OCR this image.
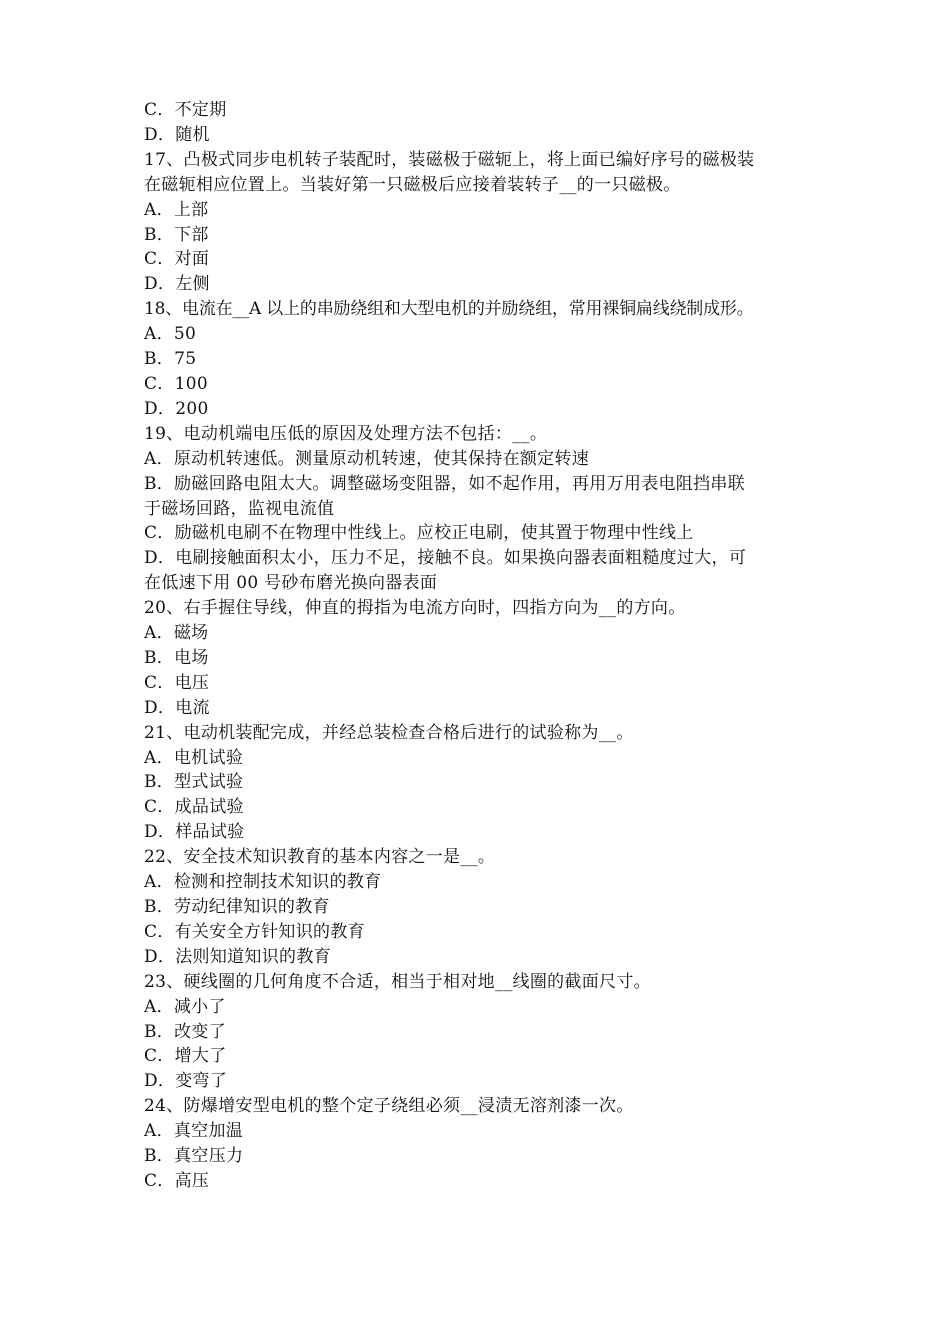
C．不定期

D．随机

17、凸极式同步电机转子装配时，装磁极于磁轭上，将上面已编好序号的磁极装

在磁轭相应位置上。当装好第一只磁极后应接着装转子__的一只磁极。

A．上部

B．下部

C．对面

D．左侧

18、电流在__A 以上的串励绕组和大型电机的并励绕组，常用裸铜扁线绕制成形。

A．50

B．75

C．100

D．200

19、电动机端电压低的原因及处理方法不包括：__。

A．原动机转速低。测量原动机转速，使其保持在额定转速

B．励磁回路电阻太大。调整磁场变阻器，如不起作用，再用万用表电阻挡串联

于磁场回路，监视电流值

C．励磁机电刷不在物理中性线上。应校正电刷，使其置于物理中性线上

D．电刷接触面积太小，压力不足，接触不良。如果换向器表面粗糙度过大，可

在低速下用 00 号砂布磨光换向器表面

20、右手握住导线，伸直的拇指为电流方向时，四指方向为__的方向。

A．磁场

B．电场

C．电压

D．电流

21、电动机装配完成，并经总装检查合格后进行的试验称为__。

A．电机试验

B．型式试验

C．成品试验

D．样品试验

22、安全技术知识教育的基本内容之一是__。

A．检测和控制技术知识的教育

B．劳动纪律知识的教育

C．有关安全方针知识的教育

D．法则知道知识的教育

23、硬线圈的几何角度不合适，相当于相对地__线圈的截面尺寸。

A．减小了

B．改变了

C．增大了

D．变弯了

24、防爆增安型电机的整个定子绕组必须__浸渍无溶剂漆一次。

A．真空加温

B．真空压力

C．高压
